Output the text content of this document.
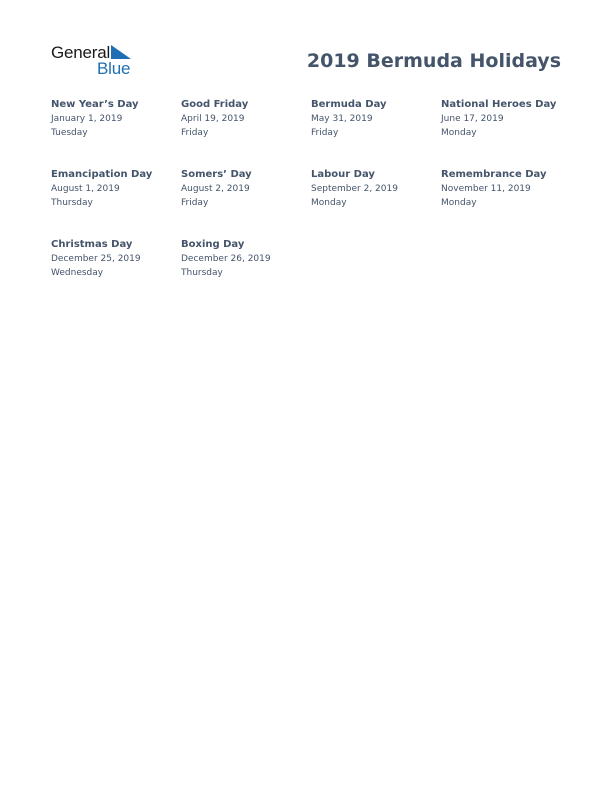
General
Blue	2019 Bermuda Holidays
New Year’s Day
January 1, 2019
Tuesday
Good Friday
April 19, 2019
Friday
Bermuda Day
May 31, 2019
Friday
National Heroes Day
June 17, 2019
Monday
Emancipation Day
August 1, 2019
Thursday
Somers’ Day
August 2, 2019
Friday
Labour Day
September 2, 2019
Monday
Remembrance Day
November 11, 2019
Monday
Christmas Day
December 25, 2019
Wednesday
Boxing Day
December 26, 2019
Thursday
